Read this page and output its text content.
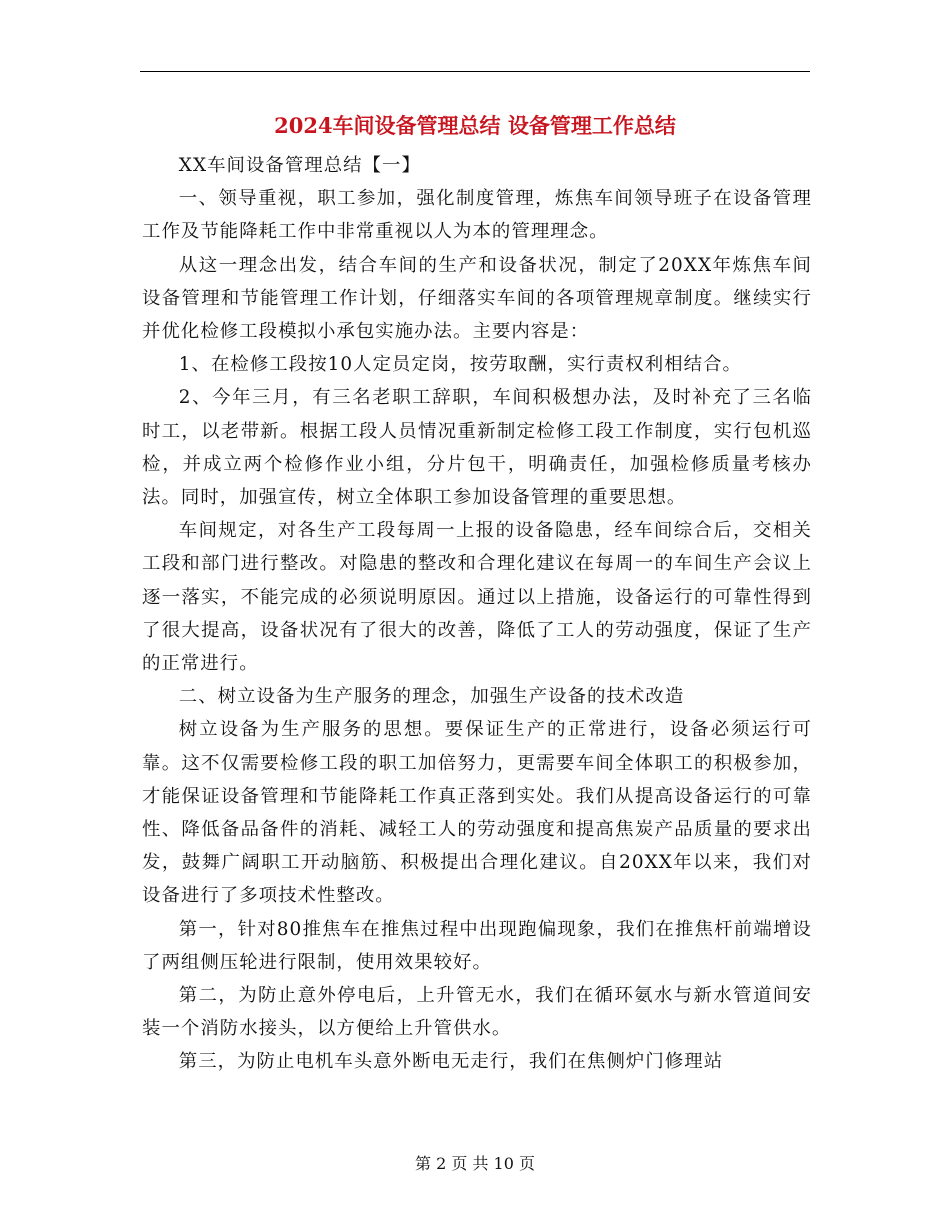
2024车间设备管理总结 设备管理工作总结

XX车间设备管理总结【一】

一、领导重视，职工参加，强化制度管理，炼焦车间领导班子在设备管理工作及节能降耗工作中非常重视以人为本的管理理念。

从这一理念出发，结合车间的生产和设备状况，制定了20XX年炼焦车间设备管理和节能管理工作计划，仔细落实车间的各项管理规章制度。继续实行并优化检修工段模拟小承包实施办法。主要内容是：

1、在检修工段按10人定员定岗，按劳取酬，实行责权利相结合。

2、今年三月，有三名老职工辞职，车间积极想办法，及时补充了三名临时工，以老带新。根据工段人员情况重新制定检修工段工作制度，实行包机巡检，并成立两个检修作业小组，分片包干，明确责任，加强检修质量考核办法。同时，加强宣传，树立全体职工参加设备管理的重要思想。

车间规定，对各生产工段每周一上报的设备隐患，经车间综合后，交相关工段和部门进行整改。对隐患的整改和合理化建议在每周一的车间生产会议上逐一落实，不能完成的必须说明原因。通过以上措施，设备运行的可靠性得到了很大提高，设备状况有了很大的改善，降低了工人的劳动强度，保证了生产的正常进行。

二、树立设备为生产服务的理念，加强生产设备的技术改造

树立设备为生产服务的思想。要保证生产的正常进行，设备必须运行可靠。这不仅需要检修工段的职工加倍努力，更需要车间全体职工的积极参加，才能保证设备管理和节能降耗工作真正落到实处。我们从提高设备运行的可靠性、降低备品备件的消耗、减轻工人的劳动强度和提高焦炭产品质量的要求出发，鼓舞广阔职工开动脑筋、积极提出合理化建议。自20XX年以来，我们对设备进行了多项技术性整改。

第一，针对80推焦车在推焦过程中出现跑偏现象，我们在推焦杆前端增设了两组侧压轮进行限制，使用效果较好。

第二，为防止意外停电后，上升管无水，我们在循环氨水与新水管道间安装一个消防水接头，以方便给上升管供水。

第三，为防止电机车头意外断电无走行，我们在焦侧炉门修理站

第 2 页 共 10 页
